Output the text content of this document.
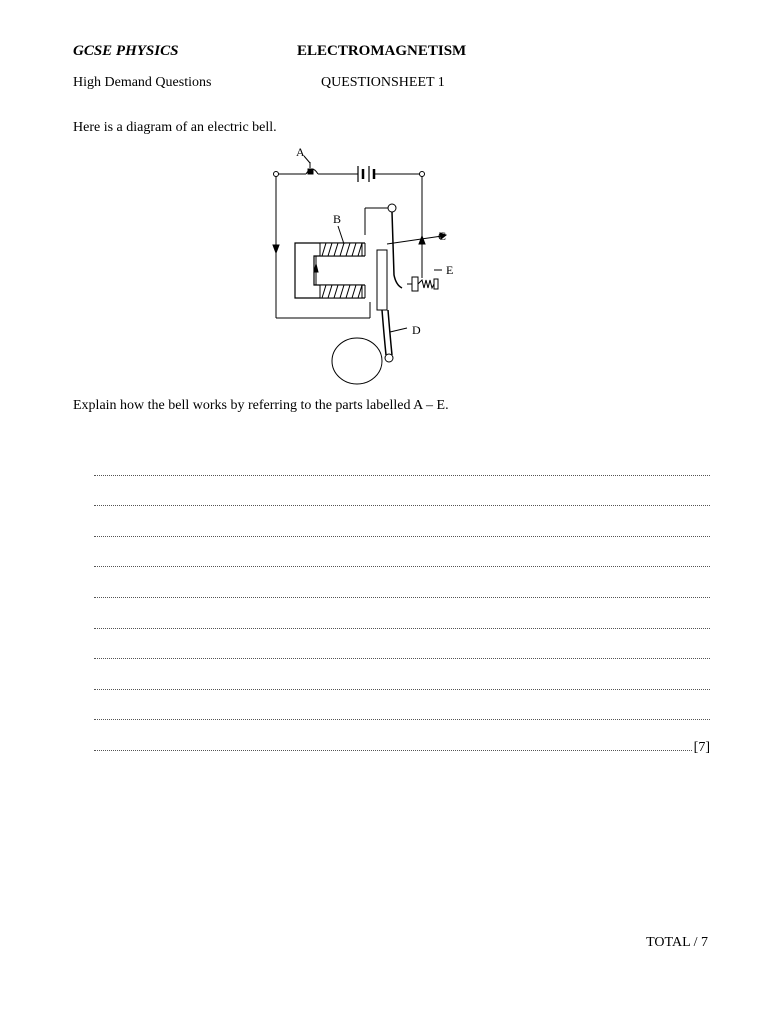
GCSE PHYSICS	ELECTROMAGNETISM
High Demand Questions	QUESTIONSHEET 1
Here is a diagram of an electric bell.
A
B
C
E
D
Explain how the bell works by referring to the parts labelled A – E.
[7]
TOTAL / 7
